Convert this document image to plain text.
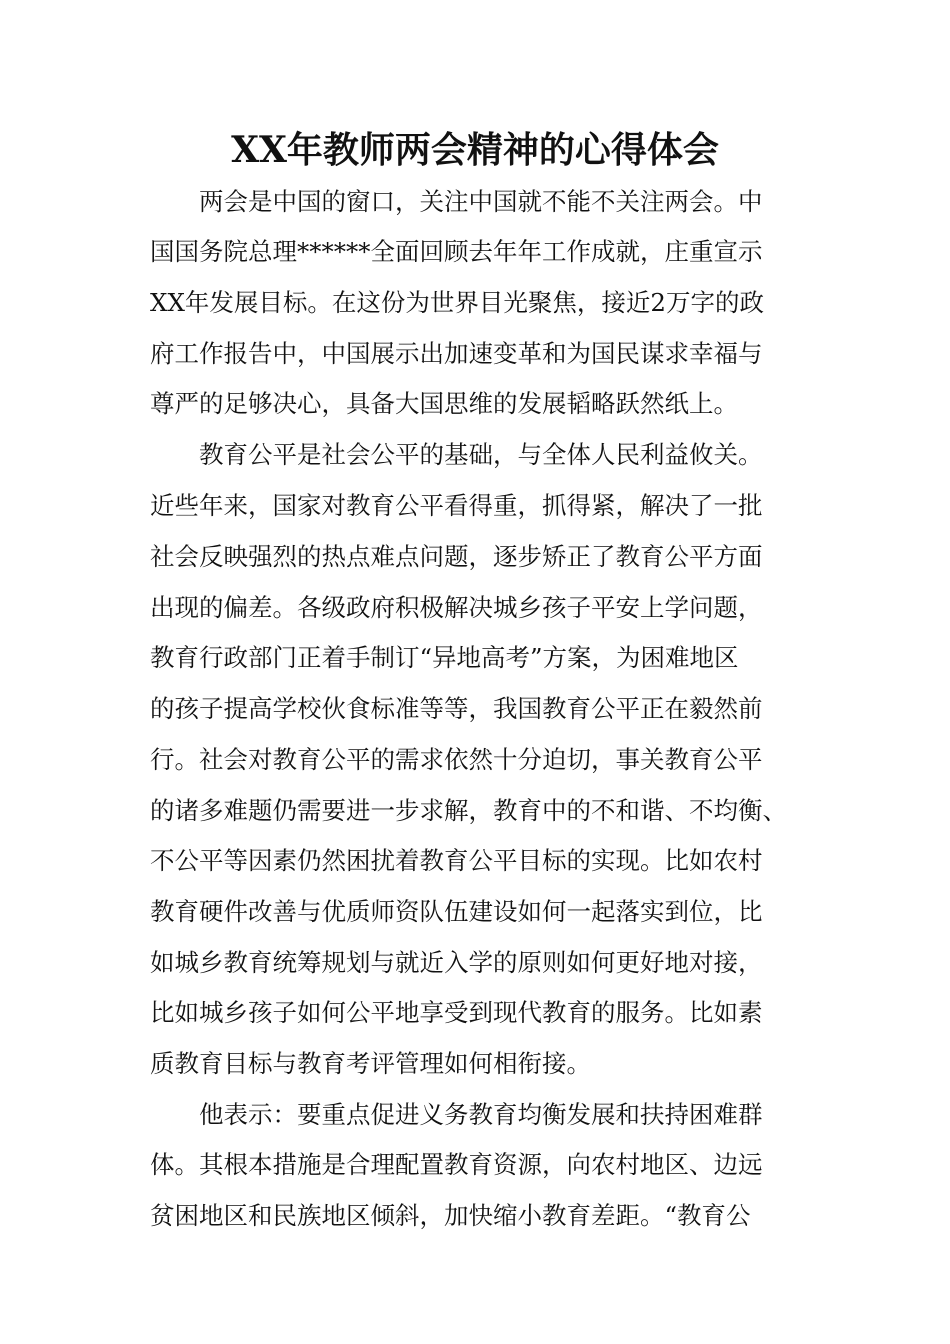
XX年教师两会精神的心得体会

　　两会是中国的窗口，关注中国就不能不关注两会。中

国国务院总理******全面回顾去年年工作成就，庄重宣示

XX年发展目标。在这份为世界目光聚焦，接近2万字的政

府工作报告中，中国展示出加速变革和为国民谋求幸福与

尊严的足够决心，具备大国思维的发展韬略跃然纸上。

　　教育公平是社会公平的基础，与全体人民利益攸关。

近些年来，国家对教育公平看得重，抓得紧，解决了一批

社会反映强烈的热点难点问题，逐步矫正了教育公平方面

出现的偏差。各级政府积极解决城乡孩子平安上学问题，

教育行政部门正着手制订“异地高考”方案，为困难地区

的孩子提高学校伙食标准等等，我国教育公平正在毅然前

行。社会对教育公平的需求依然十分迫切，事关教育公平

的诸多难题仍需要进一步求解，教育中的不和谐、不均衡、

不公平等因素仍然困扰着教育公平目标的实现。比如农村

教育硬件改善与优质师资队伍建设如何一起落实到位，比

如城乡教育统筹规划与就近入学的原则如何更好地对接，

比如城乡孩子如何公平地享受到现代教育的服务。比如素

质教育目标与教育考评管理如何相衔接。

　　他表示：要重点促进义务教育均衡发展和扶持困难群

体。其根本措施是合理配置教育资源，向农村地区、边远

贫困地区和民族地区倾斜，加快缩小教育差距。“教育公
